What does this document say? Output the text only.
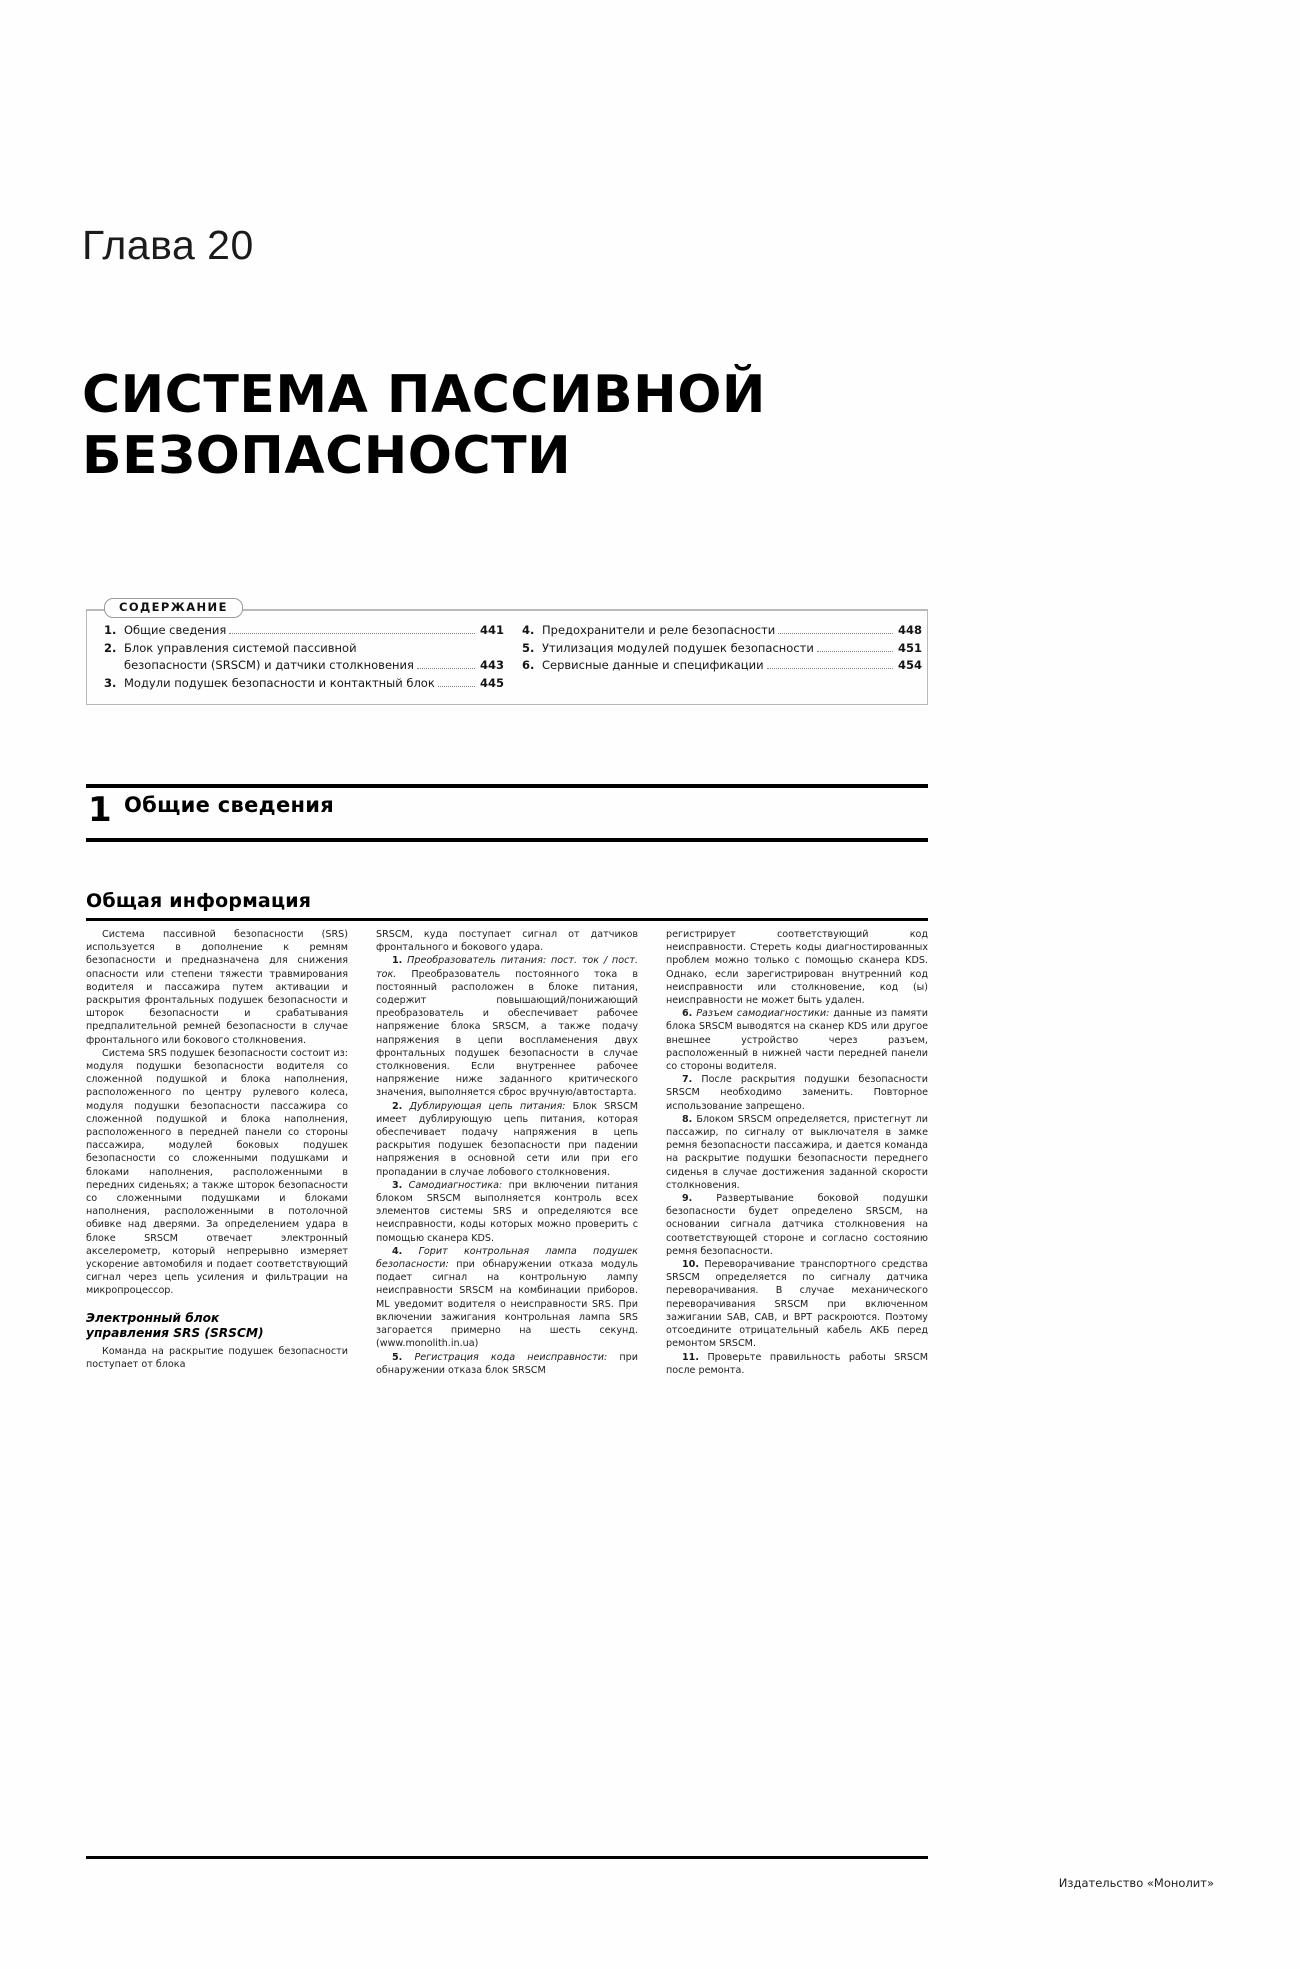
Глава 20
СИСТЕМА ПАССИВНОЙ БЕЗОПАСНОСТИ
СОДЕРЖАНИЕ
1. Общие сведения	441
2. Блок управления системой пассивной
безопасности (SRSCM) и датчики столкновения	443
3. Модули подушек безопасности и контактный блок	445
4. Предохранители и реле безопасности	448
5. Утилизация модулей подушек безопасности	451
6. Сервисные данные и спецификации	454
1 Общие сведения
Общая информация

Система пассивной безопасности (SRS) используется в дополнение к ремням безопасности и предназначена для снижения опасности или степени тяжести травмирования водителя и пассажира путем активации и раскрытия фронтальных подушек безопасности и шторок безопасности и срабатывания предпалительной ремней безопасности в случае фронтального или бокового столкновения.

Система SRS подушек безопасности состоит из: модуля подушки безопасности водителя со сложенной подушкой и блока наполнения, расположенного по центру рулевого колеса, модуля подушки безопасности пассажира со сложенной подушкой и блока наполнения, расположенного в передней панели со стороны пассажира, модулей боковых подушек безопасности со сложенными подушками и блоками наполнения, расположенными в передних сиденьях; а также шторок безопасности со сложенными подушками и блоками наполнения, расположенными в потолочной обивке над дверями. За определением удара в блоке SRSCM отвечает электронный акселерометр, который непрерывно измеряет ускорение автомобиля и подает соответствующий сигнал через цепь усиления и фильтрации на микропроцессор.

Электронный блок
управления SRS (SRSCM)

Команда на раскрытие подушек безопасности поступает от блока

SRSCM, куда поступает сигнал от датчиков фронтального и бокового удара.

1. Преобразователь питания: пост. ток / пост. ток. Преобразователь постоянного тока в постоянный расположен в блоке питания, содержит повышающий/понижающий преобразователь и обеспечивает рабочее напряжение блока SRSCM, а также подачу напряжения в цепи воспламенения двух фронтальных подушек безопасности в случае столкновения. Если внутреннее рабочее напряжение ниже заданного критического значения, выполняется сброс вручную/автостарта.

2. Дублирующая цепь питания: Блок SRSCM имеет дублирующую цепь питания, которая обеспечивает подачу напряжения в цепь раскрытия подушек безопасности при падении напряжения в основной сети или при его пропадании в случае лобового столкновения.

3. Самодиагностика: при включении питания блоком SRSCM выполняется контроль всех элементов системы SRS и определяются все неисправности, коды которых можно проверить с помощью сканера KDS.

4. Горит контрольная лампа подушек безопасности: при обнаружении отказа модуль подает сигнал на контрольную лампу неисправности SRSCM на комбинации приборов. ML уведомит водителя о неисправности SRS. При включении зажигания контрольная лампа SRS загорается примерно на шесть секунд. (www.monolith.in.ua)

5. Регистрация кода неисправности: при обнаружении отказа блок SRSCM

регистрирует соответствующий код неисправности. Стереть коды диагностированных проблем можно только с помощью сканера KDS. Однако, если зарегистрирован внутренний код неисправности или столкновение, код (ы) неисправности не может быть удален.

6. Разъем самодиагностики: данные из памяти блока SRSCM выводятся на сканер KDS или другое внешнее устройство через разъем, расположенный в нижней части передней панели со стороны водителя.

7. После раскрытия подушки безопасности SRSCM необходимо заменить. Повторное использование запрещено.

8. Блоком SRSCM определяется, пристегнут ли пассажир, по сигналу от выключателя в замке ремня безопасности пассажира, и дается команда на раскрытие подушки безопасности переднего сиденья в случае достижения заданной скорости столкновения.

9. Развертывание боковой подушки безопасности будет определено SRSCM, на основании сигнала датчика столкновения на соответствующей стороне и согласно состоянию ремня безопасности.

10. Переворачивание транспортного средства SRSCM определяется по сигналу датчика переворачивания. В случае механического переворачивания SRSCM при включенном зажигании SAB, CAB, и BPT раскроются. Поэтому отсоедините отрицательный кабель AKБ перед ремонтом SRSCM.

11. Проверьте правильность работы SRSCM после ремонта.

Издательство «Монолит»
